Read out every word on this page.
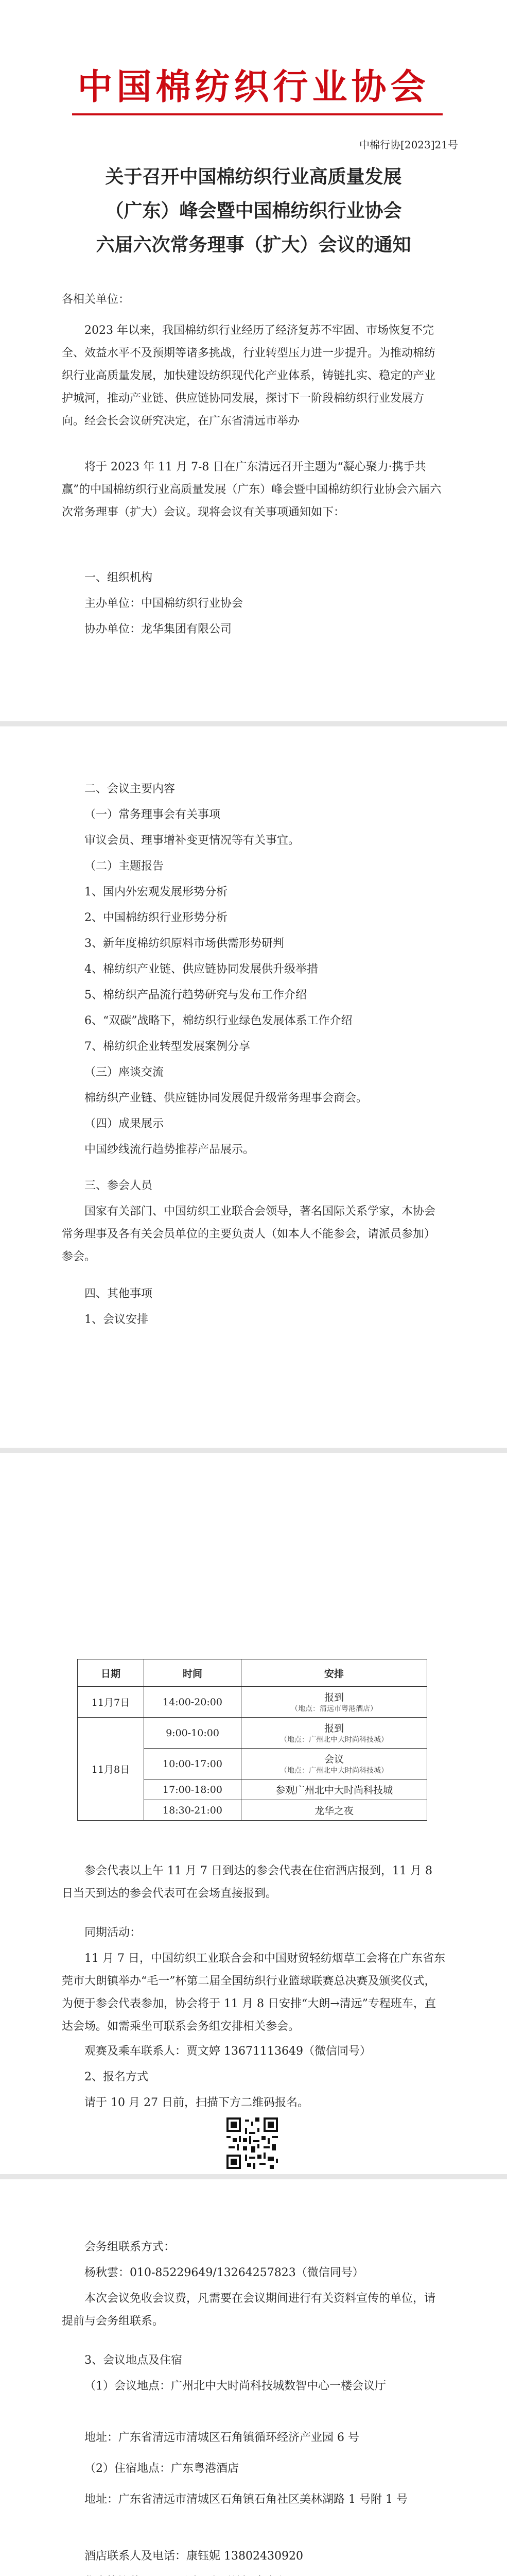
中国棉纺织行业协会
中棉行协[2023]21号
关于召开中国棉纺织行业高质量发展
（广东）峰会暨中国棉纺织行业协会
六届六次常务理事（扩大）会议的通知

各相关单位：

2023 年以来，我国棉纺织行业经历了经济复苏不牢固、市场恢复不完全、效益水平不及预期等诸多挑战，行业转型压力进一步提升。为推动棉纺织行业高质量发展，加快建设纺织现代化产业体系，铸链扎实、稳定的产业护城河，推动产业链、供应链协同发展，探讨下一阶段棉纺织行业发展方向。经会长会议研究决定，在广东省清远市举办

将于 2023 年 11 月 7-8 日在广东清远召开主题为“凝心聚力·携手共赢”的中国棉纺织行业高质量发展（广东）峰会暨中国棉纺织行业协会六届六次常务理事（扩大）会议。现将会议有关事项通知如下：

一、组织机构

主办单位：中国棉纺织行业协会

协办单位：龙华集团有限公司

二、会议主要内容

（一）常务理事会有关事项

审议会员、理事增补变更情况等有关事宜。

（二）主题报告

1、国内外宏观发展形势分析

2、中国棉纺织行业形势分析

3、新年度棉纺织原料市场供需形势研判

4、棉纺织产业链、供应链协同发展供升级举措

5、棉纺织产品流行趋势研究与发布工作介绍

6、“双碳”战略下，棉纺织行业绿色发展体系工作介绍

7、棉纺织企业转型发展案例分享

（三）座谈交流

棉纺织产业链、供应链协同发展促升级常务理事会商会。

（四）成果展示

中国纱线流行趋势推荐产品展示。

三、参会人员

国家有关部门、中国纺织工业联合会领导，著名国际关系学家，本协会常务理事及各有关会员单位的主要负责人（如本人不能参会，请派员参加）参会。

四、其他事项

1、会议安排

日期	时间	安排
11月7日	14:00-20:00	报到
（地点：清远市粤港酒店）

11月8日	9:00-10:00	报到
（地点：广州北中大时尚科技城）

	10:00-17:00	会议
（地点：广州北中大时尚科技城）

	17:00-18:00	参观广州北中大时尚科技城
	18:30-21:00	龙华之夜

参会代表以上午 11 月 7 日到达的参会代表在住宿酒店报到，11 月 8 日当天到达的参会代表可在会场直接报到。

同期活动：

11 月 7 日，中国纺织工业联合会和中国财贸轻纺烟草工会将在广东省东莞市大朗镇举办“毛一”杯第二届全国纺织行业篮球联赛总决赛及颁奖仪式，为便于参会代表参加，协会将于 11 月 8 日安排“大朗→清远”专程班车，直达会场。如需乘坐可联系会务组安排相关参会。

观赛及乘车联系人：贾文婷 13671113649（微信同号）

2、报名方式

请于 10 月 27 日前，扫描下方二维码报名。

会务组联系方式：

杨秋雲：010-85229649/13264257823（微信同号）

本次会议免收会议费，凡需要在会议期间进行有关资料宣传的单位，请提前与会务组联系。

3、会议地点及住宿

（1）会议地点：广州北中大时尚科技城数智中心一楼会议厅

地址：广东省清远市清城区石角镇循环经济产业园 6 号

（2）住宿地点：广东粤港酒店

地址：广东省清远市清城区石角镇石角社区美林湖路 1 号附 1 号

酒店联系人及电话：康钰妮 13802430920
